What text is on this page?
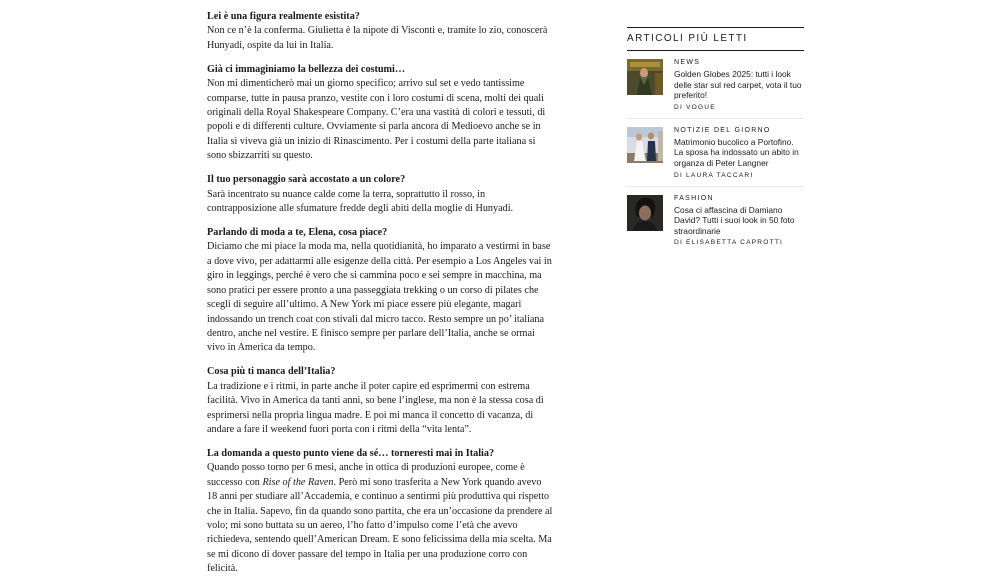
Lei è una figura realmente esistita?

Non ce n’è la conferma. Giulietta è la nipote di Visconti e, tramite lo zio, conoscerà Hunyadi, ospite da lui in Italia.

Già ci immaginiamo la bellezza dei costumi…

Non mi dimenticherò mai un giorno specifico; arrivo sul set e vedo tantissime comparse, tutte in pausa pranzo, vestite con i loro costumi di scena, molti dei quali originali della Royal Shakespeare Company. C’era una vastità di colori e tessuti, di popoli e di differenti culture. Ovviamente si parla ancora di Medioevo anche se in Italia si viveva già un inizio di Rinascimento. Per i costumi della parte italiana si sono sbizzarriti su questo.

Il tuo personaggio sarà accostato a un colore?

Sarà incentrato su nuance calde come la terra, soprattutto il rosso, in contrapposizione alle sfumature fredde degli abiti della moglie di Hunyadi.

Parlando di moda a te, Elena, cosa piace?

Diciamo che mi piace la moda ma, nella quotidianità, ho imparato a vestirmi in base a dove vivo, per adattarmi alle esigenze della città. Per esempio a Los Angeles vai in giro in leggings, perché è vero che si cammina poco e sei sempre in macchina, ma sono pratici per essere pronto a una passeggiata trekking o un corso di pilates che scegli di seguire all’ultimo. A New York mi piace essere più elegante, magari indossando un trench coat con stivali dal micro tacco. Resto sempre un po’ italiana dentro, anche nel vestire. E finisco sempre per parlare dell’Italia, anche se ormai vivo in America da tempo.

Cosa più ti manca dell’Italia?

La tradizione e i ritmi, in parte anche il poter capire ed esprimermi con estrema facilità. Vivo in America da tanti anni, so bene l’inglese, ma non è la stessa cosa di esprimersi nella propria lingua madre. E poi mi manca il concetto di vacanza, di andare a fare il weekend fuori porta con i ritmi della “vita lenta”.

La domanda a questo punto viene da sé… torneresti mai in Italia?

Quando posso torno per 6 mesi, anche in ottica di produzioni europee, come è successo con Rise of the Raven. Però mi sono trasferita a New York quando avevo 18 anni per studiare all’Accademia, e continuo a sentirmi più produttiva qui rispetto che in Italia. Sapevo, fin da quando sono partita, che era un’occasione da prendere al volo; mi sono buttata su un aereo, l’ho fatto d’impulso come l’età che avevo richiedeva, sentendo quell’American Dream. E sono felicissima della mia scelta. Ma se mi dicono di dover passare del tempo in Italia per una produzione corro con felicità.

ARTICOLI PIÙ LETTI

NEWS

Golden Globes 2025: tutti i look delle star sul red carpet, vota il tuo preferito!

DI VOGUE

NOTIZIE DEL GIORNO

Matrimonio bucolico a Portofino. La sposa ha indossato un abito in organza di Peter Langner

DI LAURA TACCARI

FASHION

Cosa ci affascina di Damiano David? Tutti i suoi look in 50 foto straordinarie

DI ELISABETTA CAPROTTI
